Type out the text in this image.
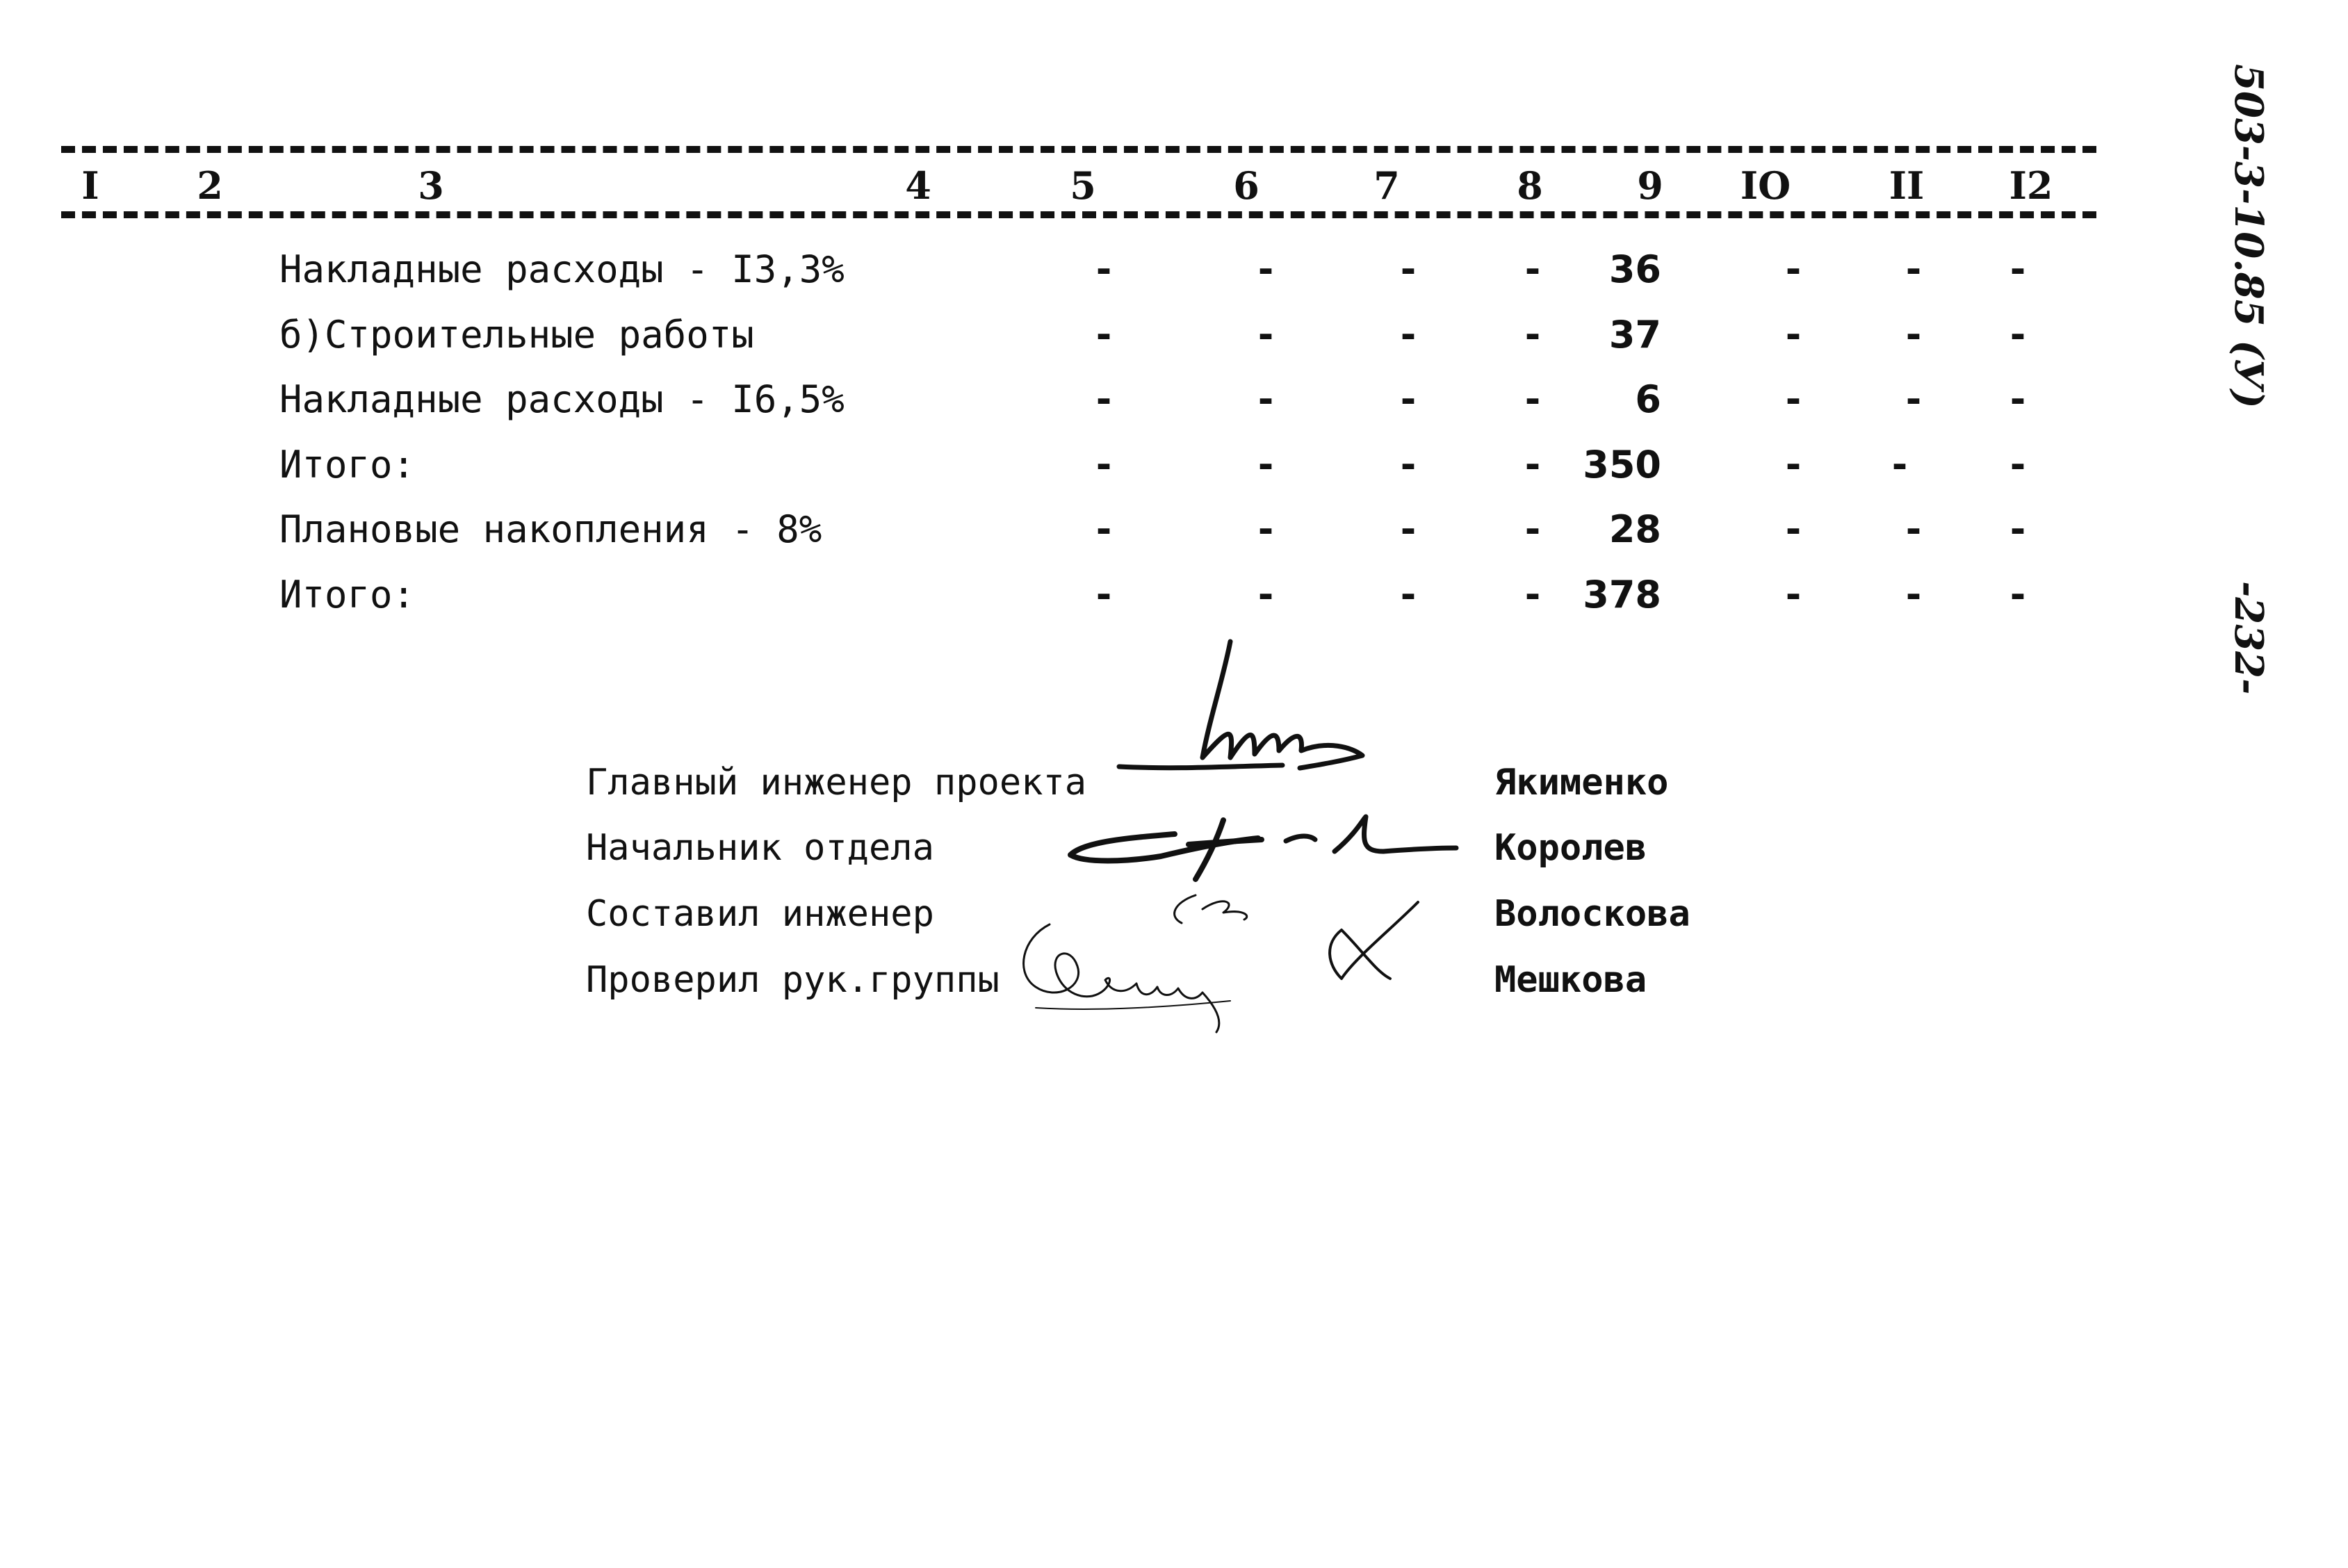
I	2	3	4	5	6	7	8	9 IO	II I2
Накладные расходы - I3,3%	-	-	-	- 36	-	- -
б)Строительные работы	-	-	-	- 37	-	- -
Накладные расходы - I6,5%	-	-	-	- 6	-	- -
Итого:	-	-	-	- 350	- -	-
Плановые накопления - 8%	-	-	-	- 28	-	- -
Итого:	-	-	-	- 378	-	- -
Главный инженер проекта	Якименко
Начальник отдела	Королев
Составил инженер	Волоскова
Проверил рук.группы	Мешкова
503-3-10.85 (У)
-232-
